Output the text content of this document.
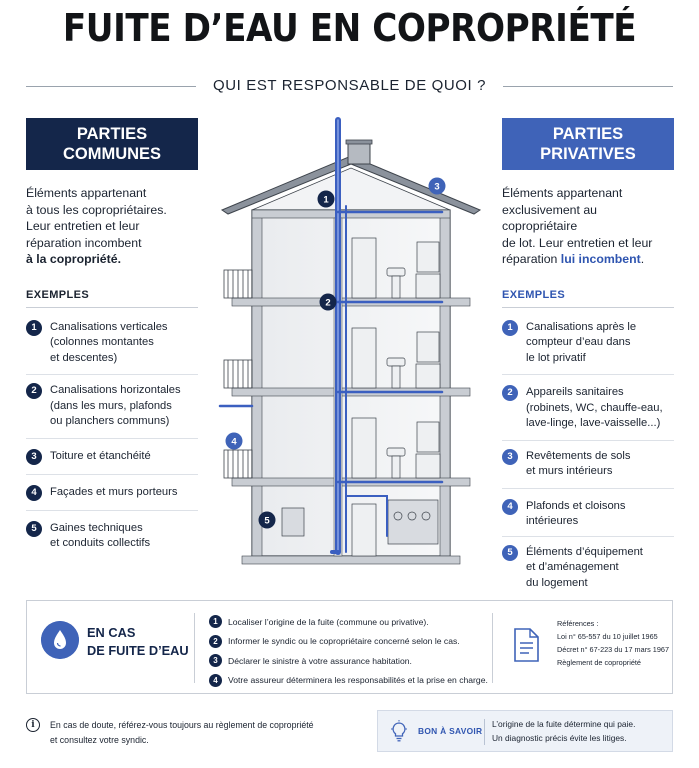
FUITE D’EAU EN COPROPRIÉTÉ
QUI EST RESPONSABLE DE QUOI ?
PARTIES
COMMUNES
Éléments appartenant
à tous les copropriétaires.
Leur entretien et leur
réparation incombent
à la copropriété.
EXEMPLES
1	Canalisations verticales
(colonnes montantes
et descentes)
2	Canalisations horizontales
(dans les murs, plafonds
ou planchers communs)
3	Toiture et étanchéité
4	Façades et murs porteurs
5	Gaines techniques
et conduits collectifs
PARTIES
PRIVATIVES
Éléments appartenant
exclusivement au copropriétaire
de lot. Leur entretien et leur
réparation lui incombent.
EXEMPLES
1	Canalisations après le
compteur d’eau dans
le lot privatif
2	Appareils sanitaires
(robinets, WC, chauffe-eau,
lave-linge, lave-vaisselle...)
3	Revêtements de sols
et murs intérieurs
4	Plafonds et cloisons
intérieures
5	Éléments d’équipement
et d’aménagement
du logement
1
3
2
4
5
EN CAS
DE FUITE D’EAU
1	Localiser l’origine de la fuite (commune ou privative).
2	Informer le syndic ou le copropriétaire concerné selon le cas.
3	Déclarer le sinistre à votre assurance habitation.
4	Votre assureur déterminera les responsabilités et la prise en charge.
Références :
Loi n° 65-557 du 10 juillet 1965
Décret n° 67-223 du 17 mars 1967
Règlement de copropriété
i	En cas de doute, référez-vous toujours au règlement de copropriété
et consultez votre syndic.
BON À SAVOIR
L’origine de la fuite détermine qui paie.
Un diagnostic précis évite les litiges.
